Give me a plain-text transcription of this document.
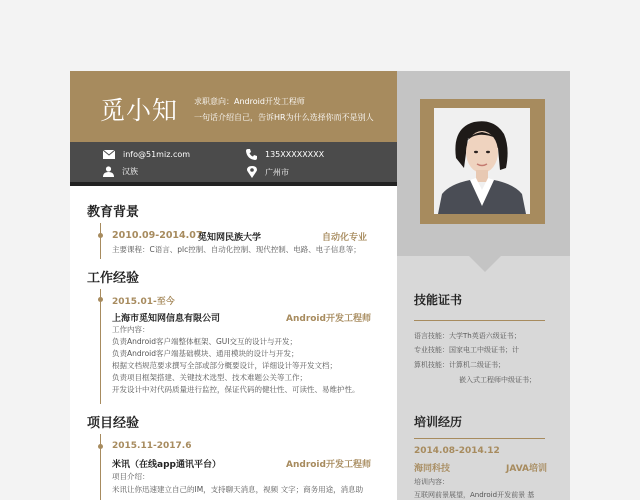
觅小知 求职意向：Android开发工程师
一句话介绍自己，告诉HR为什么选择你而不是别人
info@51miz.com	135XXXXXXXX
汉族	广州市
教育背景
2010.09-2014.07
觅知网民族大学	自动化专业
主要课程：C语言、plc控制、自动化控制、现代控制、电路、电子信息等；
工作经验
2015.01-至今
上海市觅知网信息有限公司	Android开发工程师
工作内容：
负责Android客户端整体框架、GUI交互的设计与开发；
负责Android客户端基础模块、通用模块的设计与开发；
根据文档规范要求撰写全部或部分概要设计，详细设计等开发文档；
负责项目框架搭建、关键技术选型、技术难题公关等工作；
开发设计中对代码质量进行监控，保证代码的健壮性、可读性、易维护性。
项目经验
2015.11-2017.6
米讯（在线app通讯平台）	Android开发工程师
项目介绍：
米讯让你迅速建立自己的IM，支持聊天消息，视频 文字；商务用途，消息助
技能证书
语言技能：大学Th英语六级证书；
专业技能：国家电工中级证书；计
算机技能：计算机二级证书；
嵌入式工程师中级证书；
培训经历
2014.08-2014.12
海同科技	JAVA培训
培训内容：
互联网前景展望，Android开发前景 基
